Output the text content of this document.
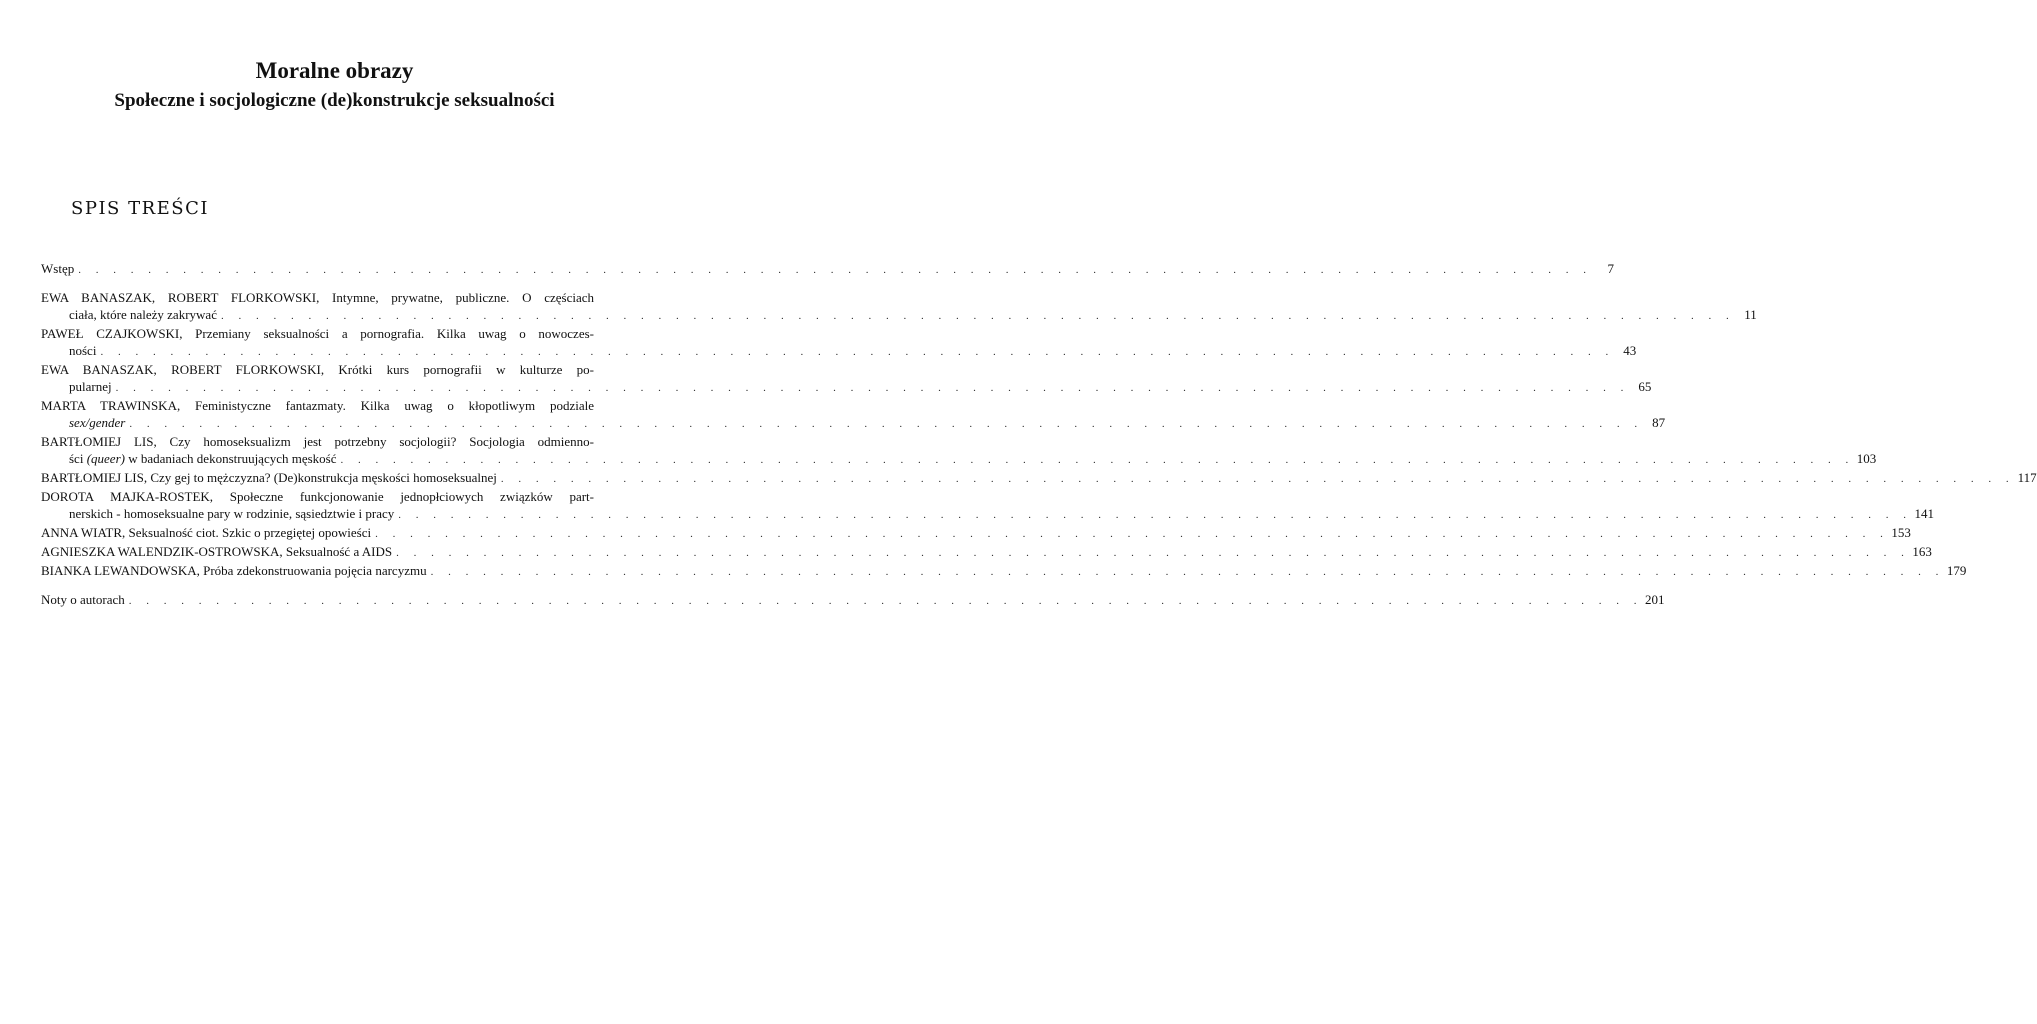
Moralne obrazy
Społeczne i socjologiczne (de)konstrukcje seksualności
SPIS TREŚCI
Wstęp . . . . . . . . . . . . . . . . . . . . . . . . . . . . . . . . . . . . . . . . . . . . . . . . . . . . . . . . . . . . . . . . . . . . . . . . . . . . . . . . . . . . . . .	7
EWA BANASZAK, ROBERT FLORKOWSKI, Intymne, prywatne, publiczne. O częściach
ciała, które należy zakrywać . . . . . . . . . . . . . . . . . . . . . . . . . . . . . . . . . . . . . . . . . . . . . . . . . . . . . . . . . . . . . . . . . . . . . . . . . . . . . . . . . . . . . . . 11
PAWEŁ CZAJKOWSKI, Przemiany seksualności a pornografia. Kilka uwag o nowoczes-
ności . . . . . . . . . . . . . . . . . . . . . . . . . . . . . . . . . . . . . . . . . . . . . . . . . . . . . . . . . . . . . . . . . . . . . . . . . . . . . . . . . . . . . . . 43
EWA BANASZAK, ROBERT FLORKOWSKI, Krótki kurs pornografii w kulturze po-
pularnej . . . . . . . . . . . . . . . . . . . . . . . . . . . . . . . . . . . . . . . . . . . . . . . . . . . . . . . . . . . . . . . . . . . . . . . . . . . . . . . . . . . . . . . 65
MARTA TRAWINSKA, Feministyczne fantazmaty. Kilka uwag o kłopotliwym podziale
sex/gender . . . . . . . . . . . . . . . . . . . . . . . . . . . . . . . . . . . . . . . . . . . . . . . . . . . . . . . . . . . . . . . . . . . . . . . . . . . . . . . . . . . . . . . 87
BARTŁOMIEJ LIS, Czy homoseksualizm jest potrzebny socjologii? Socjologia odmienno-
ści (queer) w badaniach dekonstruujących męskość . . . . . . . . . . . . . . . . . . . . . . . . . . . . . . . . . . . . . . . . . . . . . . . . . . . . . . . . . . . . . . . . . . . . . . . . . . . . . . . . . . . . . . . 103
BARTŁOMIEJ LIS, Czy gej to mężczyzna? (De)konstrukcja męskości homoseksualnej . . . . . . . . . . . . . . . . . . . . . . . . . . . . . . . . . . . . . . . . . . . . . . . . . . . . . . . . . . . . . . . . . . . . . . . . . . . . . . . . . . . . . . . 117
DOROTA MAJKA-ROSTEK, Społeczne funkcjonowanie jednopłciowych związków part-
nerskich - homoseksualne pary w rodzinie, sąsiedztwie i pracy . . . . . . . . . . . . . . . . . . . . . . . . . . . . . . . . . . . . . . . . . . . . . . . . . . . . . . . . . . . . . . . . . . . . . . . . . . . . . . . . . . . . . . . 141
ANNA WIATR, Seksualność ciot. Szkic o przegiętej opowieści . . . . . . . . . . . . . . . . . . . . . . . . . . . . . . . . . . . . . . . . . . . . . . . . . . . . . . . . . . . . . . . . . . . . . . . . . . . . . . . . . . . . . . . 153
AGNIESZKA WALENDZIK-OSTROWSKA, Seksualność a AIDS . . . . . . . . . . . . . . . . . . . . . . . . . . . . . . . . . . . . . . . . . . . . . . . . . . . . . . . . . . . . . . . . . . . . . . . . . . . . . . . . . . . . . . . 163
BIANKA LEWANDOWSKA, Próba zdekonstruowania pojęcia narcyzmu . . . . . . . . . . . . . . . . . . . . . . . . . . . . . . . . . . . . . . . . . . . . . . . . . . . . . . . . . . . . . . . . . . . . . . . . . . . . . . . . . . . . . . . 179
Noty o autorach . . . . . . . . . . . . . . . . . . . . . . . . . . . . . . . . . . . . . . . . . . . . . . . . . . . . . . . . . . . . . . . . . . . . . . . . . . . . . . . . . . . . . . . 201
